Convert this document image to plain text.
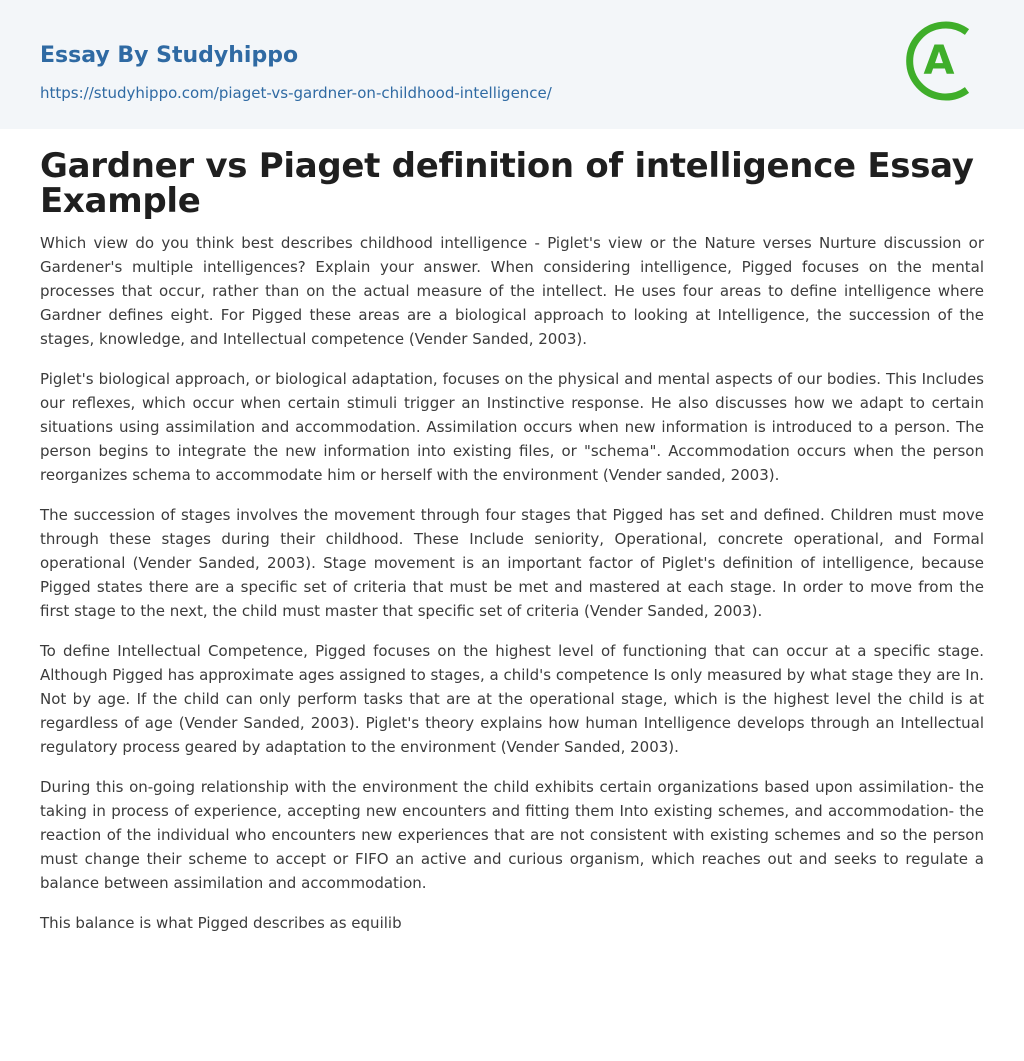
Essay By Studyhippo
https://studyhippo.com/piaget-vs-gardner-on-childhood-intelligence/
A
Gardner vs Piaget definition of intelligence Essay Example

Which view do you think best describes childhood intelligence - Piglet's view or the Nature verses Nurture discussion or Gardener's multiple intelligences? Explain your answer. When considering intelligence, Pigged focuses on the mental processes that occur, rather than on the actual measure of the intellect. He uses four areas to define intelligence where Gardner defines eight. For Pigged these areas are a biological approach to looking at Intelligence, the succession of the stages, knowledge, and Intellectual competence (Vender Sanded, 2003).

Piglet's biological approach, or biological adaptation, focuses on the physical and mental aspects of our bodies. This Includes our reflexes, which occur when certain stimuli trigger an Instinctive response. He also discusses how we adapt to certain situations using assimilation and accommodation. Assimilation occurs when new information is introduced to a person. The person begins to integrate the new information into existing files, or "schema". Accommodation occurs when the person reorganizes schema to accommodate him or herself with the environment (Vender sanded, 2003).

The succession of stages involves the movement through four stages that Pigged has set and defined. Children must move through these stages during their childhood. These Include seniority, Operational, concrete operational, and Formal operational (Vender Sanded, 2003). Stage movement is an important factor of Piglet's definition of intelligence, because Pigged states there are a specific set of criteria that must be met and mastered at each stage. In order to move from the first stage to the next, the child must master that specific set of criteria (Vender Sanded, 2003).

To define Intellectual Competence, Pigged focuses on the highest level of functioning that can occur at a specific stage. Although Pigged has approximate ages assigned to stages, a child's competence Is only measured by what stage they are In. Not by age. If the child can only perform tasks that are at the operational stage, which is the highest level the child is at regardless of age (Vender Sanded, 2003). Piglet's theory explains how human Intelligence develops through an Intellectual regulatory process geared by adaptation to the environment (Vender Sanded, 2003).

During this on-going relationship with the environment the child exhibits certain organizations based upon assimilation- the taking in process of experience, accepting new encounters and fitting them Into existing schemes, and accommodation- the reaction of the individual who encounters new experiences that are not consistent with existing schemes and so the person must change their scheme to accept or FIFO an active and curious organism, which reaches out and seeks to regulate a balance between assimilation and accommodation.

This balance is what Pigged describes as equilib
